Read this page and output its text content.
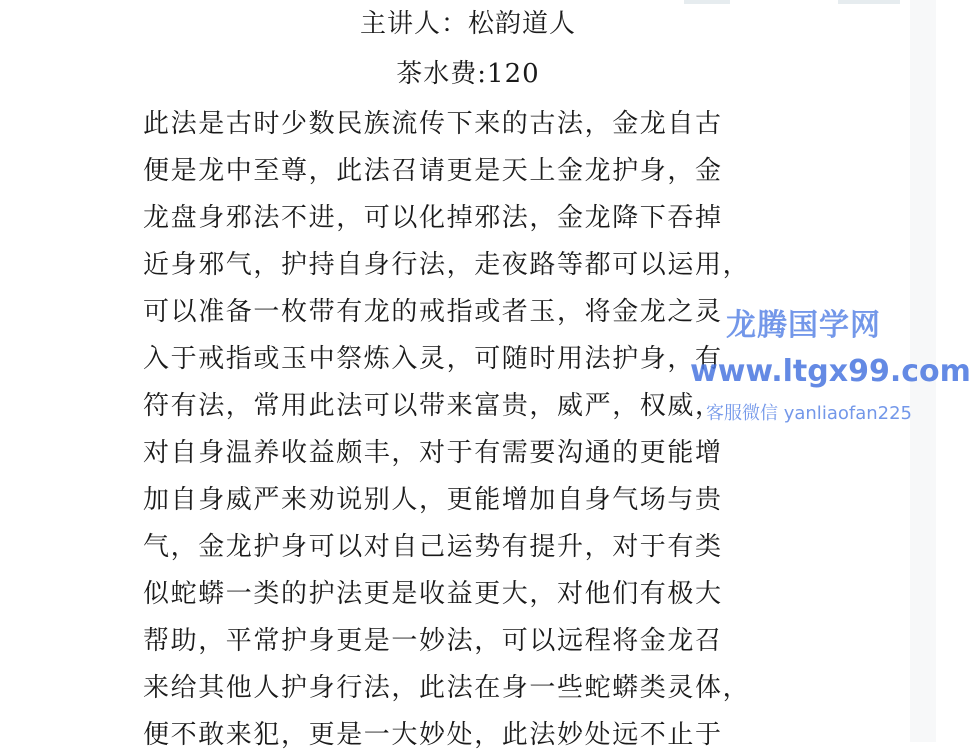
主讲人：松韵道人
茶水费:120
此法是古时少数民族流传下来的古法，金龙自古
便是龙中至尊，此法召请更是天上金龙护身，金
龙盘身邪法不进，可以化掉邪法，金龙降下吞掉
近身邪气，护持自身行法，走夜路等都可以运用，
可以准备一枚带有龙的戒指或者玉，将金龙之灵
入于戒指或玉中祭炼入灵，可随时用法护身，有
符有法，常用此法可以带来富贵，威严，权威，
对自身温养收益颇丰，对于有需要沟通的更能增
加自身威严来劝说别人，更能增加自身气场与贵
气，金龙护身可以对自己运势有提升，对于有类
似蛇蟒一类的护法更是收益更大，对他们有极大
帮助，平常护身更是一妙法，可以远程将金龙召
来给其他人护身行法，此法在身一些蛇蟒类灵体，
便不敢来犯，更是一大妙处，此法妙处远不止于
龙腾国学网
www.ltgx99.com
客服微信 yanliaofan225
